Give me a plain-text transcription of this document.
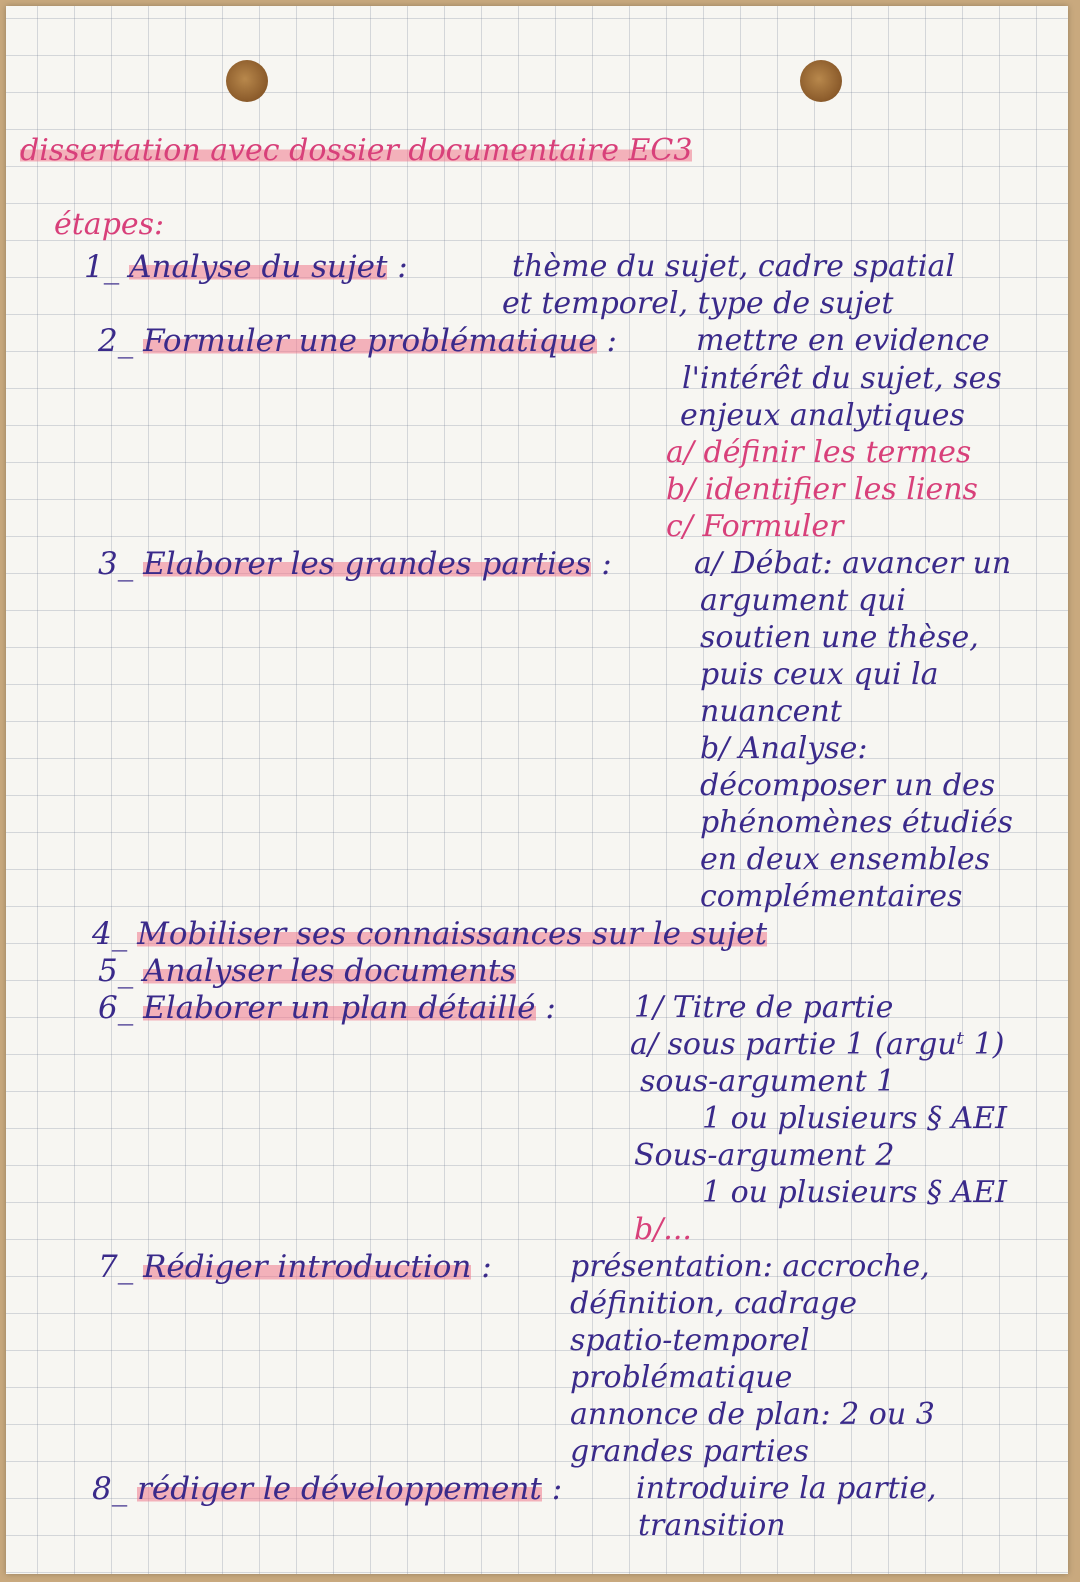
dissertation avec dossier documentaire EC3
étapes:
1_ Analyse du sujet :	thème du sujet, cadre spatial
et temporel, type de sujet
2_ Formuler une problématique :	mettre en evidence
l'intérêt du sujet, ses
enjeux analytiques
a/ définir les termes
b/ identifier les liens
c/ Formuler
3_ Elaborer les grandes parties :	a/ Débat: avancer un
argument qui
soutien une thèse,
puis ceux qui la
nuancent
b/ Analyse:
décomposer un des
phénomènes étudiés
en deux ensembles
complémentaires
4_ Mobiliser ses connaissances sur le sujet
5_ Analyser les documents
6_ Elaborer un plan détaillé :	1/ Titre de partie
a/ sous partie 1 (arguᵗ 1)
sous-argument 1
1 ou plusieurs § AEI
Sous-argument 2
1 ou plusieurs § AEI
b/...
7_ Rédiger introduction :	présentation: accroche,
définition, cadrage
spatio-temporel
problématique
annonce de plan: 2 ou 3
grandes parties
8_ rédiger le développement : introduire la partie,
transition
